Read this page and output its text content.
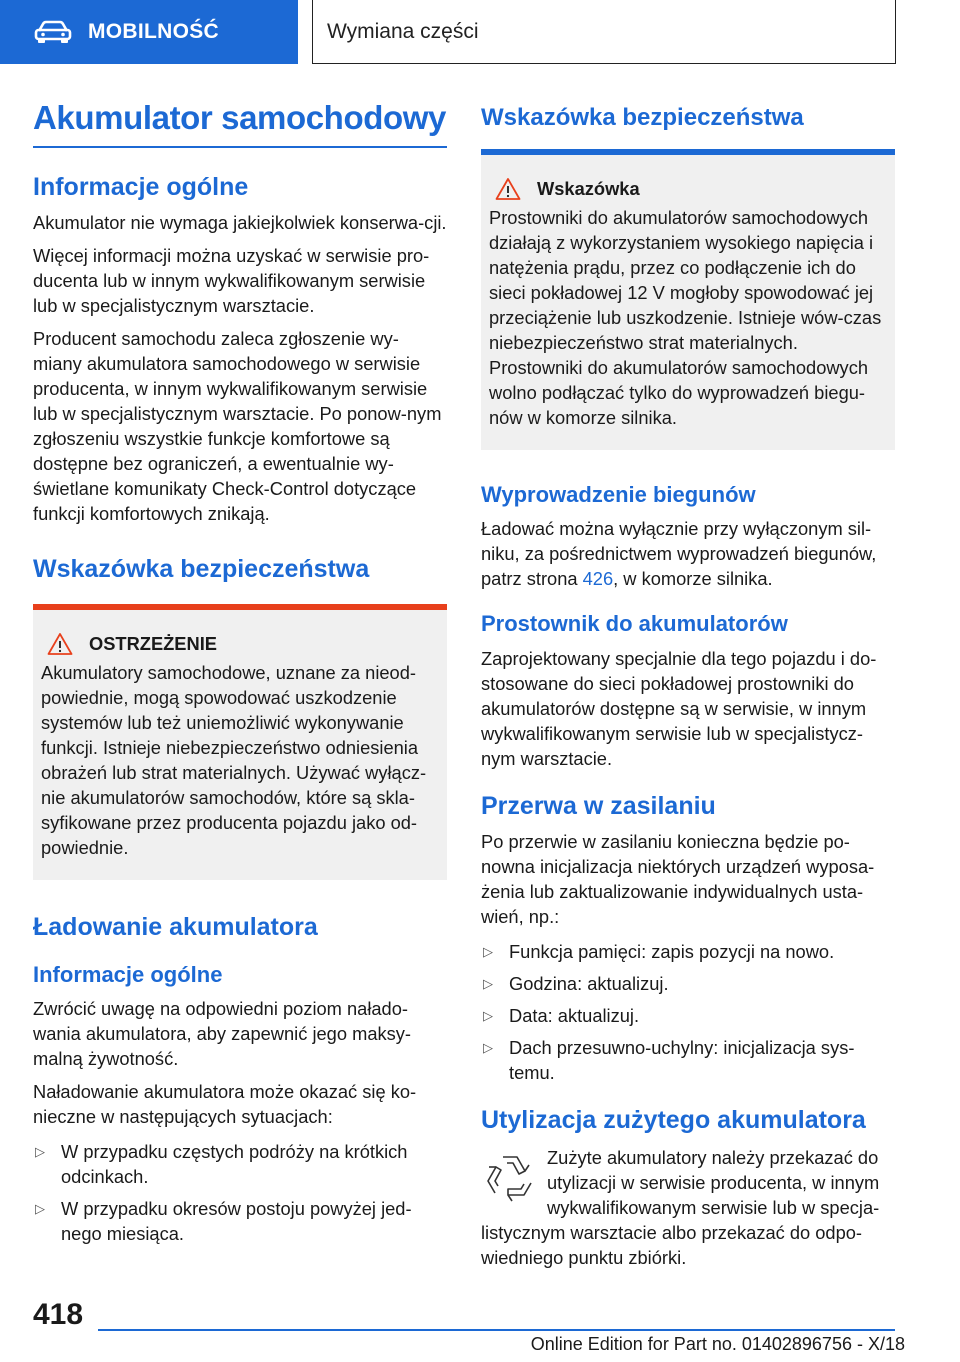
MOBILNOŚĆ	Wymiana części
Akumulator samochodowy
Informacje ogólne

Akumulator nie wymaga jakiejkolwiek konserwa-cji.

Więcej informacji można uzyskać w serwisie pro-ducenta lub w innym wykwalifikowanym serwisie lub w specjalistycznym warsztacie.

Producent samochodu zaleca zgłoszenie wy-miany akumulatora samochodowego w serwisie producenta, w innym wykwalifikowanym serwisie lub w specjalistycznym warsztacie. Po ponow-nym zgłoszeniu wszystkie funkcje komfortowe są dostępne bez ograniczeń, a ewentualnie wy-świetlane komunikaty Check-Control dotyczące funkcji komfortowych znikają.

Wskazówka bezpieczeństwa
OSTRZEŻENIE

Akumulatory samochodowe, uznane za nieod-powiednie, mogą spowodować uszkodzenie systemów lub też uniemożliwić wykonywanie funkcji. Istnieje niebezpieczeństwo odniesienia obrażeń lub strat materialnych. Używać wyłącz-nie akumulatorów samochodów, które są skla-syfikowane przez producenta pojazdu jako od-powiednie.

Ładowanie akumulatora
Informacje ogólne

Zwrócić uwagę na odpowiedni poziom nałado-wania akumulatora, aby zapewnić jego maksy-malną żywotność.

Naładowanie akumulatora może okazać się ko-nieczne w następujących sytuacjach:

▷ W przypadku częstych podróży na krótkich odcinkach.
▷ W przypadku okresów postoju powyżej jed-nego miesiąca.
Wskazówka bezpieczeństwa
Wskazówka

Prostowniki do akumulatorów samochodowych działają z wykorzystaniem wysokiego napięcia i natężenia prądu, przez co podłączenie ich do sieci pokładowej 12 V mogłoby spowodować jej przeciążenie lub uszkodzenie. Istnieje wów-czas niebezpieczeństwo strat materialnych. Prostowniki do akumulatorów samochodowych wolno podłączać tylko do wyprowadzeń biegu-nów w komorze silnika.

Wyprowadzenie biegunów

Ładować można wyłącznie przy wyłączonym sil-niku, za pośrednictwem wyprowadzeń biegunów, patrz strona 426, w komorze silnika.

Prostownik do akumulatorów

Zaprojektowany specjalnie dla tego pojazdu i do-stosowane do sieci pokładowej prostowniki do akumulatorów dostępne są w serwisie, w innym wykwalifikowanym serwisie lub w specjalistycz-nym warsztacie.

Przerwa w zasilaniu

Po przerwie w zasilaniu konieczna będzie po-nowna inicjalizacja niektórych urządzeń wyposa-żenia lub zaktualizowanie indywidualnych usta-wień, np.:

▷ Funkcja pamięci: zapis pozycji na nowo.
▷ Godzina: aktualizuj.
▷ Data: aktualizuj.
▷ Dach przesuwno-uchylny: inicjalizacja sys-temu.
Utylizacja zużytego akumulatora

Zużyte akumulatory należy przekazać do utylizacji w serwisie producenta, w innym wykwalifikowanym serwisie lub w specja-listycznym warsztacie albo przekazać do odpo-wiedniego punktu zbiórki.

418
Online Edition for Part no. 01402896756 - X/18
